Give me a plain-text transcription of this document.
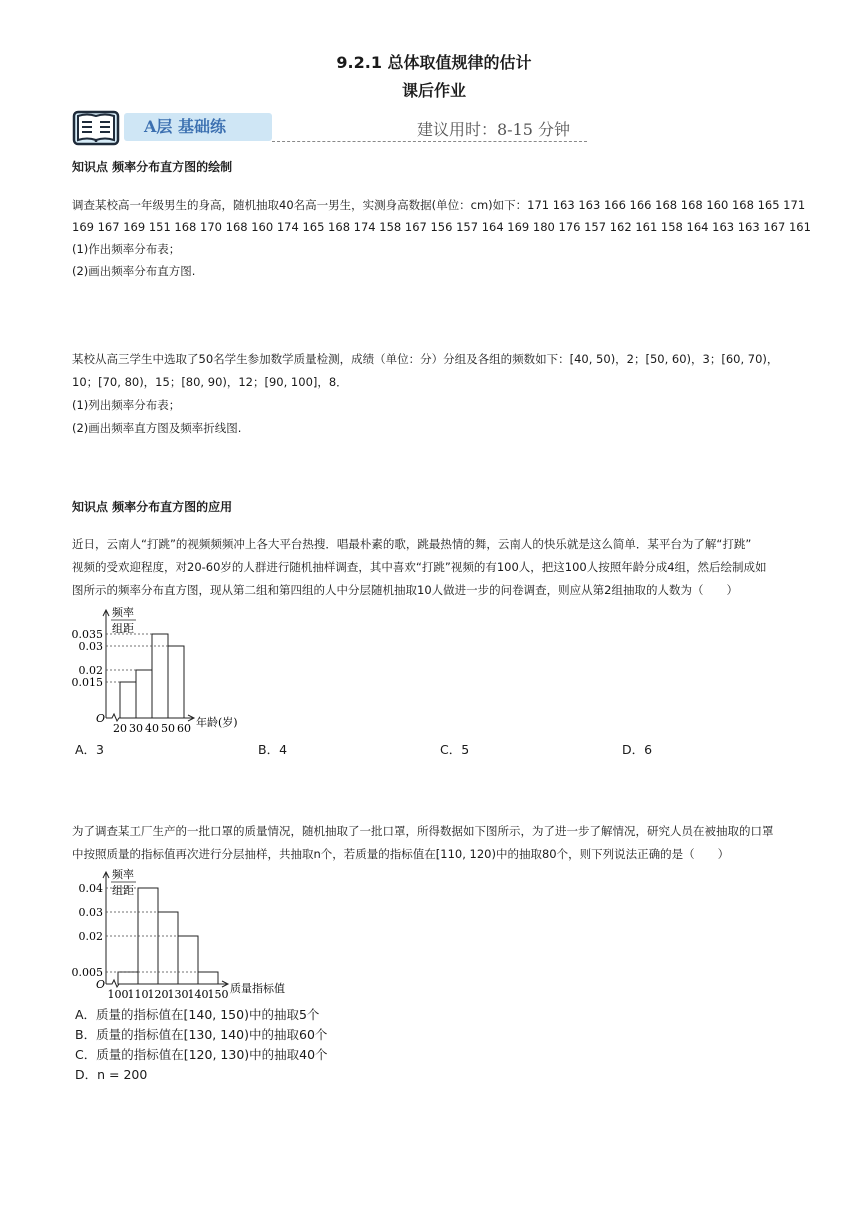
9.2.1 总体取值规律的估计
课后作业
A层 基础练	建议用时：8-15 分钟
知识点 频率分布直方图的绘制
调查某校高一年级男生的身高，随机抽取40名高一男生，实测身高数据(单位：cm)如下：171 163 163 166 166 168 168 160 168 165 171
169 167 169 151 168 170 168 160 174 165 168 174 158 167 156 157 164 169 180 176 157 162 161 158 164 163 163 167 161
(1)作出频率分布表；
(2)画出频率分布直方图.
某校从高三学生中选取了50名学生参加数学质量检测，成绩（单位：分）分组及各组的频数如下：[40, 50)，2；[50, 60)，3；[60, 70)，
10；[70, 80)，15；[80, 90)，12；[90, 100]，8．
(1)列出频率分布表；
(2)画出频率直方图及频率折线图.
知识点 频率分布直方图的应用
近日，云南人“打跳”的视频频频冲上各大平台热搜．唱最朴素的歌，跳最热情的舞，云南人的快乐就是这么简单．某平台为了解“打跳”
视频的受欢迎程度，对20-60岁的人群进行随机抽样调查，其中喜欢“打跳”视频的有100人，把这100人按照年龄分成4组，然后绘制成如
图所示的频率分布直方图，现从第二组和第四组的人中分层随机抽取10人做进一步的问卷调查，则应从第2组抽取的人数为（　　）
频率
组距
O
0.035
0.03
0.02
0.015
20 30 40 50 60 年龄(岁)
A．3	B．4	C．5	D．6
为了调查某工厂生产的一批口罩的质量情况，随机抽取了一批口罩，所得数据如下图所示，为了进一步了解情况，研究人员在被抽取的口罩
中按照质量的指标值再次进行分层抽样，共抽取n个，若质量的指标值在[110, 120)中的抽取80个，则下列说法正确的是（　　）
频率
组距
O
0.04
0.03
0.02
0.005
100 110 120 130 140 150 质量指标值
A．质量的指标值在[140, 150)中的抽取5个
B．质量的指标值在[130, 140)中的抽取60个
C．质量的指标值在[120, 130)中的抽取40个
D．n = 200
